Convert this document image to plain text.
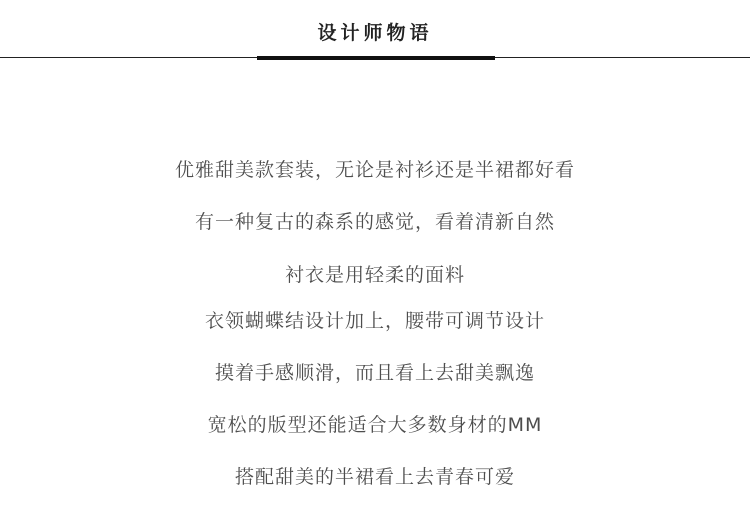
设计师物语
优雅甜美款套装，无论是衬衫还是半裙都好看
有一种复古的森系的感觉，看着清新自然
衬衣是用轻柔的面料
衣领蝴蝶结设计加上，腰带可调节设计
摸着手感顺滑，而且看上去甜美飘逸
宽松的版型还能适合大多数身材的MM
搭配甜美的半裙看上去青春可爱
